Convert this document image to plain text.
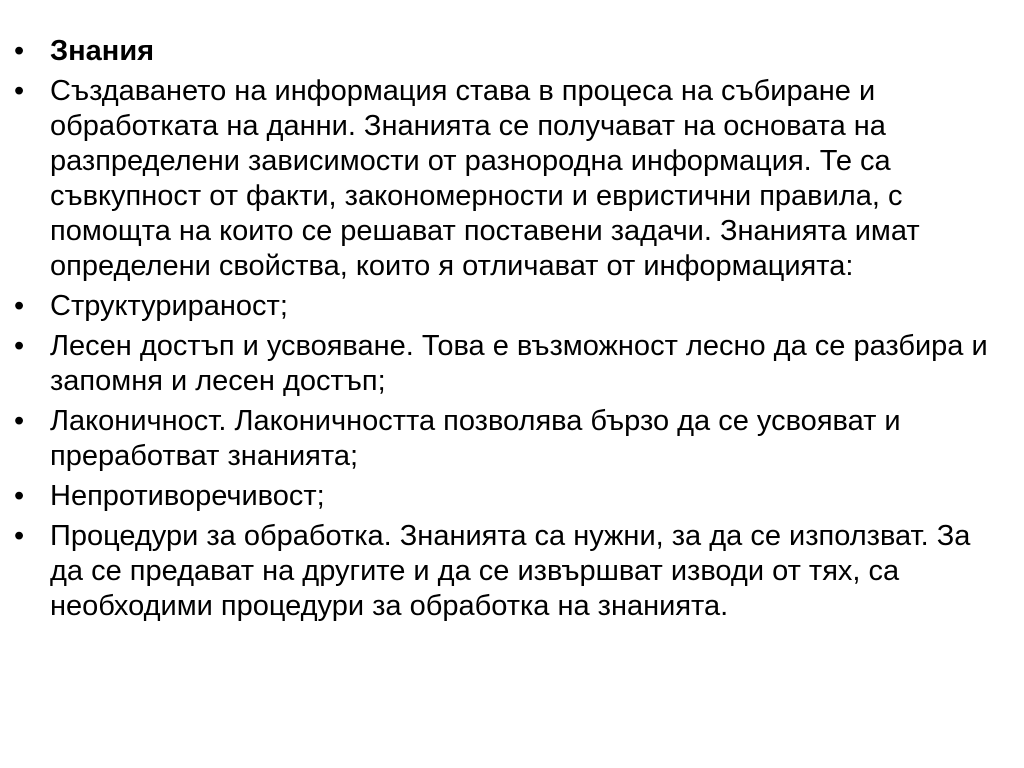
• Знания
• Създаването на информация става в процеса на събиране и обработката на данни. Знанията се получават на основата на разпределени зависимости от разнородна информация. Те са съвкупност от факти, закономерности и евристични правила, с помощта на които се решават поставени задачи. Знанията имат определени свойства, които я отличават от информацията:
• Структурираност;
• Лесен достъп и усвояване. Това е възможност лесно да се разбира и запомня и лесен достъп;
• Лаконичност. Лаконичността позволява бързо да се усвояват и преработват знанията;
• Непротиворечивост;
• Процедури за обработка. Знанията са нужни, за да се използват. За да се предават на другите и да се извършват изводи от тях, са необходими процедури за обработка на знанията.
